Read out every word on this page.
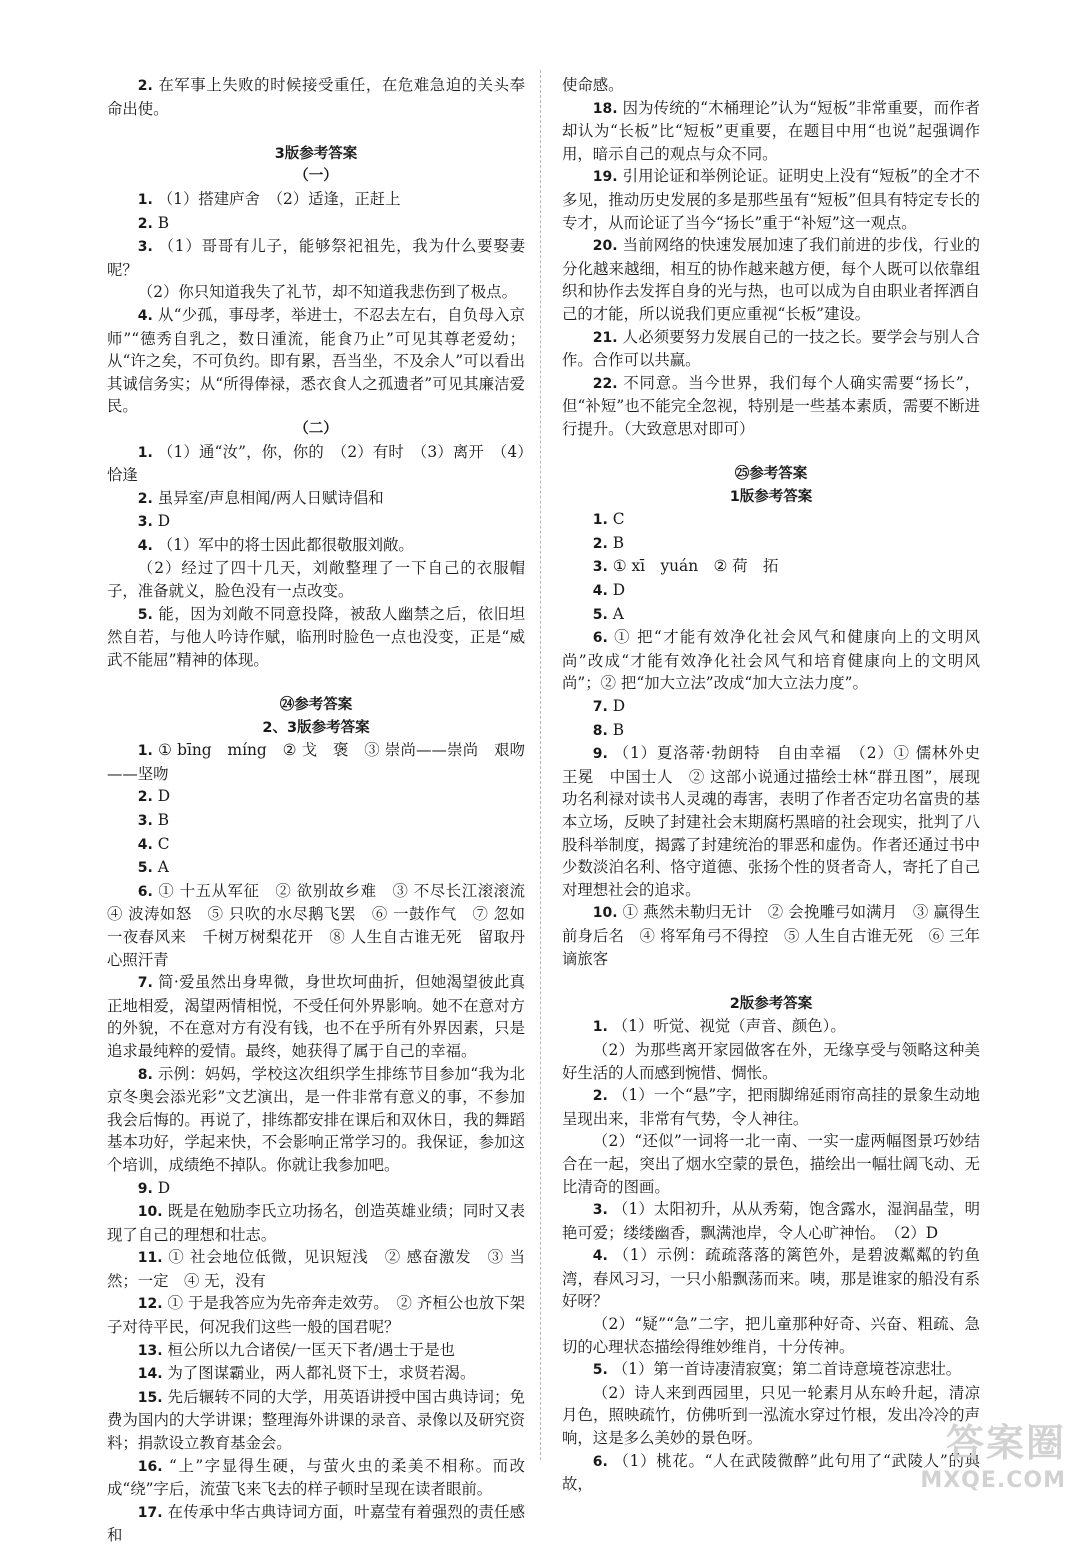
2. 在军事上失败的时候接受重任，在危难急迫的关头奉命出使。

3版参考答案

（一）

1. （1）搭建庐舍　（2）适逢，正赶上

2. B

3. （1）哥哥有儿子，能够祭祀祖先，我为什么要娶妻呢？

（2）你只知道我失了礼节，却不知道我悲伤到了极点。

4. 从“少孤，事母孝，举进士，不忍去左右，自负母入京师”“德秀自乳之，数日湩流，能食乃止”可见其尊老爱幼；从“许之矣，不可负约。即有累，吾当坐，不及余人”可以看出其诚信务实；从“所得俸禄，悉衣食人之孤遗者”可见其廉洁爱民。

（二）

1. （1）通“汝”，你，你的　（2）有时　（3）离开　（4）恰逢

2. 虽异室/声息相闻/两人日赋诗倡和

3. D

4. （1）军中的将士因此都很敬服刘敞。

（2）经过了四十几天，刘敞整理了一下自己的衣服帽子，准备就义，脸色没有一点改变。

5. 能，因为刘敞不同意投降，被敌人幽禁之后，依旧坦然自若，与他人吟诗作赋，临刑时脸色一点也没变，正是“威武不能屈”精神的体现。

㉔参考答案

2、3版参考答案

1. ① bīng　míng　② 戈　褒　③ 崇尚——崇尚　艰吻——坚吻

2. D

3. B

4. C

5. A

6. ① 十五从军征　② 欲别故乡难　③ 不尽长江滚滚流　④ 波涛如怒　⑤ 只吹的水尽鹅飞罢　⑥ 一鼓作气　⑦ 忽如一夜春风来　千树万树梨花开　⑧ 人生自古谁无死　留取丹心照汗青

7. 简·爱虽然出身卑微，身世坎坷曲折，但她渴望彼此真正地相爱，渴望两情相悦，不受任何外界影响。她不在意对方的外貌，不在意对方有没有钱，也不在乎所有外界因素，只是追求最纯粹的爱情。最终，她获得了属于自己的幸福。

8. 示例：妈妈，学校这次组织学生排练节目参加“我为北京冬奥会添光彩”文艺演出，是一件非常有意义的事，不参加我会后悔的。再说了，排练都安排在课后和双休日，我的舞蹈基本功好，学起来快，不会影响正常学习的。我保证，参加这个培训，成绩绝不掉队。你就让我参加吧。

9. D

10. 既是在勉励李氏立功扬名，创造英雄业绩；同时又表现了自己的理想和壮志。

11. ① 社会地位低微，见识短浅　② 感奋激发　③ 当然；一定　④ 无，没有

12. ① 于是我答应为先帝奔走效劳。　② 齐桓公也放下架子对待平民，何况我们这些一般的国君呢？

13. 桓公所以九合诸侯/一匡天下者/遇士于是也

14. 为了图谋霸业，两人都礼贤下士，求贤若渴。

15. 先后辗转不同的大学，用英语讲授中国古典诗词；免费为国内的大学讲课；整理海外讲课的录音、录像以及研究资料；捐款设立教育基金会。

16. “上”字显得生硬，与萤火虫的柔美不相称。而改成“绕”字后，流萤飞来飞去的样子顿时呈现在读者眼前。

17. 在传承中华古典诗词方面，叶嘉莹有着强烈的责任感和

使命感。

18. 因为传统的“木桶理论”认为“短板”非常重要，而作者却认为“长板”比“短板”更重要，在题目中用“也说”起强调作用，暗示自己的观点与众不同。

19. 引用论证和举例论证。证明史上没有“短板”的全才不多见，推动历史发展的多是那些虽有“短板”但具有特定专长的专才，从而论证了当今“扬长”重于“补短”这一观点。

20. 当前网络的快速发展加速了我们前进的步伐，行业的分化越来越细，相互的协作越来越方便，每个人既可以依靠组织和协作去发挥自身的光与热，也可以成为自由职业者挥洒自己的才能，所以说我们更应重视“长板”建设。

21. 人必须要努力发展自己的一技之长。要学会与别人合作。合作可以共赢。

22. 不同意。当今世界，我们每个人确实需要“扬长”，但“补短”也不能完全忽视，特别是一些基本素质，需要不断进行提升。（大致意思对即可）

㉕参考答案

1版参考答案

1. C

2. B

3. ① xī　yuán　② 荷　拓

4. D

5. A

6. ① 把“才能有效净化社会风气和健康向上的文明风尚”改成“才能有效净化社会风气和培育健康向上的文明风尚”；② 把“加大立法”改成“加大立法力度”。

7. D

8. B

9. （1）夏洛蒂·勃朗特　自由幸福　（2）① 儒林外史　王冕　中国士人　② 这部小说通过描绘士林“群丑图”，展现功名利禄对读书人灵魂的毒害，表明了作者否定功名富贵的基本立场，反映了封建社会末期腐朽黑暗的社会现实，批判了八股科举制度，揭露了封建统治的罪恶和虚伪。作者还通过书中少数淡泊名利、恪守道德、张扬个性的贤者奇人，寄托了自己对理想社会的追求。

10. ① 燕然未勒归无计　② 会挽雕弓如满月　③ 赢得生前身后名　④ 将军角弓不得控　⑤ 人生自古谁无死　⑥ 三年谪旅客

2版参考答案

1. （1）听觉、视觉（声音、颜色）。

（2）为那些离开家园做客在外，无缘享受与领略这种美好生活的人而感到惋惜、惆怅。

2. （1）一个“悬”字，把雨脚绵延雨帘高挂的景象生动地呈现出来，非常有气势，令人神往。

（2）“还似”一词将一北一南、一实一虚两幅图景巧妙结合在一起，突出了烟水空蒙的景色，描绘出一幅壮阔飞动、无比清奇的图画。

3. （1）太阳初升，从从秀菊，饱含露水，湿润晶莹，明艳可爱；缕缕幽香，飘满池岸，令人心旷神怡。　（2）D

4. （1）示例：疏疏落落的篱笆外，是碧波粼粼的钓鱼湾，春风习习，一只小船飘荡而来。咦，那是谁家的船没有系好呀？

（2）“疑”“急”二字，把儿童那种好奇、兴奋、粗疏、急切的心理状态描绘得维妙维肖，十分传神。

5. （1）第一首诗凄清寂寞；第二首诗意境苍凉悲壮。

（2）诗人来到西园里，只见一轮素月从东岭升起，清凉月色，照映疏竹，仿佛听到一泓流水穿过竹根，发出冷冷的声响，这是多么美妙的景色呀。

6. （1）桃花。“人在武陵微醉”此句用了“武陵人”的典故，

答案圈
MXQE.COM
